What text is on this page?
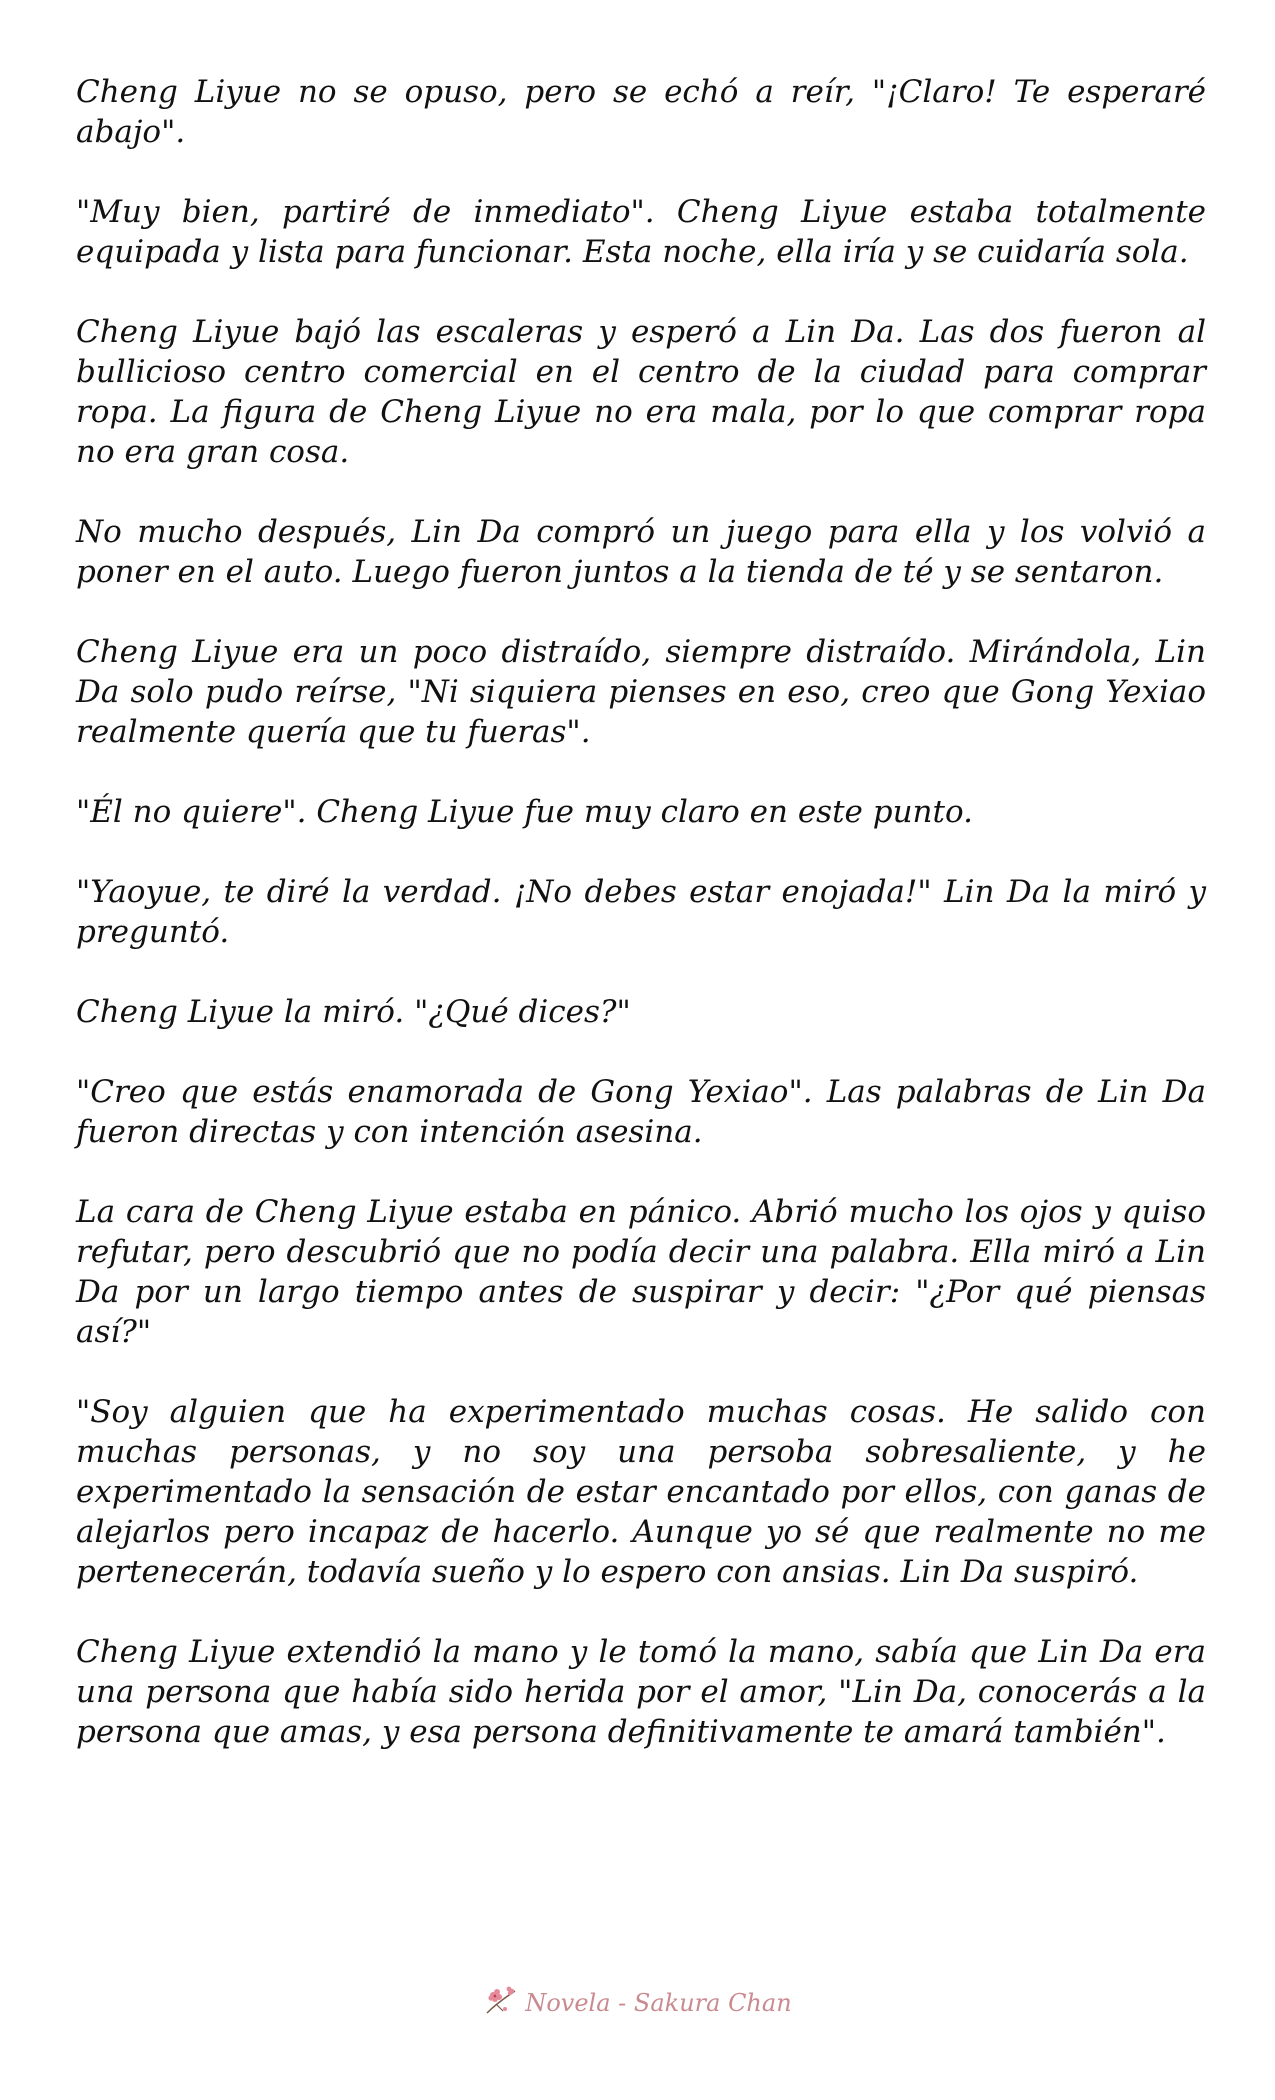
Cheng Liyue no se opuso, pero se echó a reír, "¡Claro! Te esperaré abajo".

"Muy bien, partiré de inmediato". Cheng Liyue estaba totalmente equipada y lista para funcionar. Esta noche, ella iría y se cuidaría sola.

Cheng Liyue bajó las escaleras y esperó a Lin Da. Las dos fueron al bullicioso centro comercial en el centro de la ciudad para comprar ropa. La figura de Cheng Liyue no era mala, por lo que comprar ropa no era gran cosa.

No mucho después, Lin Da compró un juego para ella y los volvió a poner en el auto. Luego fueron juntos a la tienda de té y se sentaron.

Cheng Liyue era un poco distraído, siempre distraído. Mirándola, Lin Da solo pudo reírse, "Ni siquiera pienses en eso, creo que Gong Yexiao realmente quería que tu fueras".

"Él no quiere". Cheng Liyue fue muy claro en este punto.

"Yaoyue, te diré la verdad. ¡No debes estar enojada!" Lin Da la miró y preguntó.

Cheng Liyue la miró. "¿Qué dices?"

"Creo que estás enamorada de Gong Yexiao". Las palabras de Lin Da fueron directas y con intención asesina.

La cara de Cheng Liyue estaba en pánico. Abrió mucho los ojos y quiso refutar, pero descubrió que no podía decir una palabra. Ella miró a Lin Da por un largo tiempo antes de suspirar y decir: "¿Por qué piensas así?"

"Soy alguien que ha experimentado muchas cosas. He salido con muchas personas, y no soy una persoba sobresaliente, y he experimentado la sensación de estar encantado por ellos, con ganas de alejarlos pero incapaz de hacerlo. Aunque yo sé que realmente no me pertenecerán, todavía sueño y lo espero con ansias. Lin Da suspiró.

Cheng Liyue extendió la mano y le tomó la mano, sabía que Lin Da era una persona que había sido herida por el amor, "Lin Da, conocerás a la persona que amas, y esa persona definitivamente te amará también".

Novela - Sakura Chan
